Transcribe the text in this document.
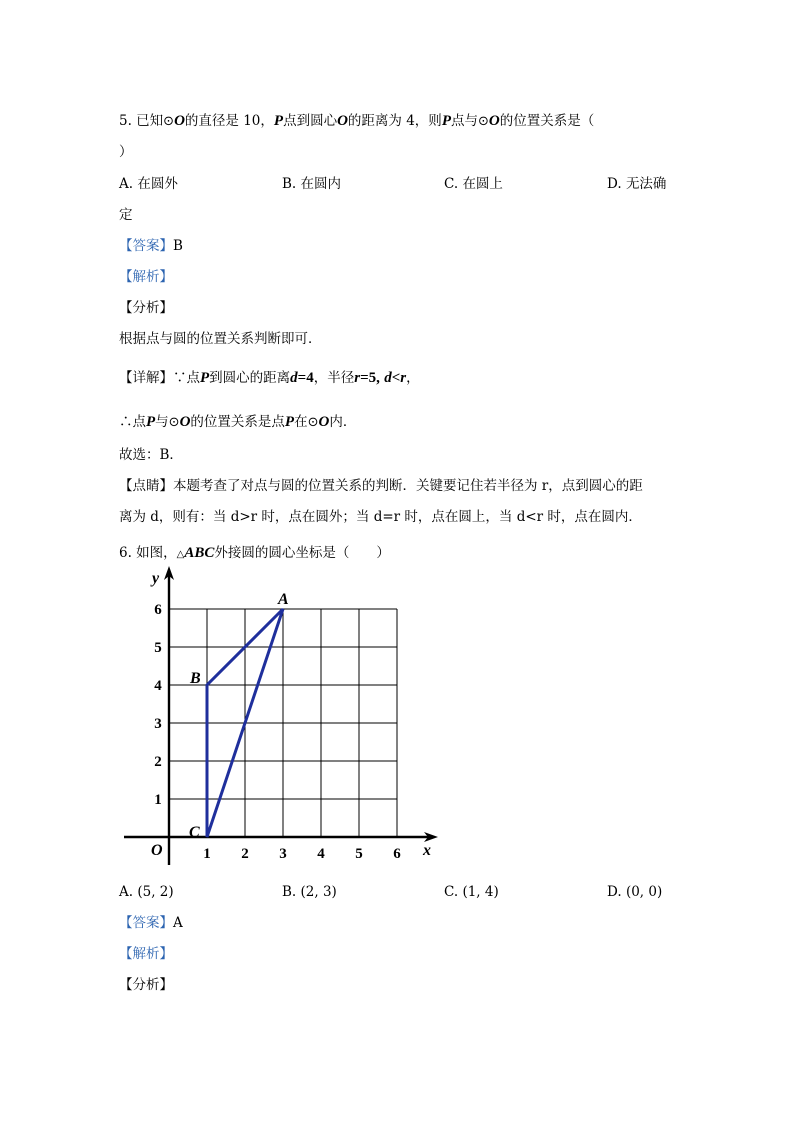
5. 已知⊙O的直径是 10，P点到圆心O的距离为 4，则P点与⊙O的位置关系是（
）
A. 在圆外	B. 在圆内	C. 在圆上	D. 无法确
定
【答案】B
【解析】
【分析】
根据点与圆的位置关系判断即可．
【详解】∵点P到圆心的距离d=4，半径r=5, d<r，
∴点P与⊙O的位置关系是点P在⊙O内．
故选：B．
【点睛】本题考查了对点与圆的位置关系的判断．关键要记住若半径为 r，点到圆心的距
离为 d，则有：当 d>r 时，点在圆外；当 d=r 时，点在圆上，当 d<r 时，点在圆内．
6. 如图，△ABC外接圆的圆心坐标是（　　）
x
y
O	1 2 3 4 5 6
1
2
3
4
5
6
A
B
C
A. (5, 2)	B. (2, 3)	C. (1, 4)	D. (0, 0)
【答案】A
【解析】
【分析】
